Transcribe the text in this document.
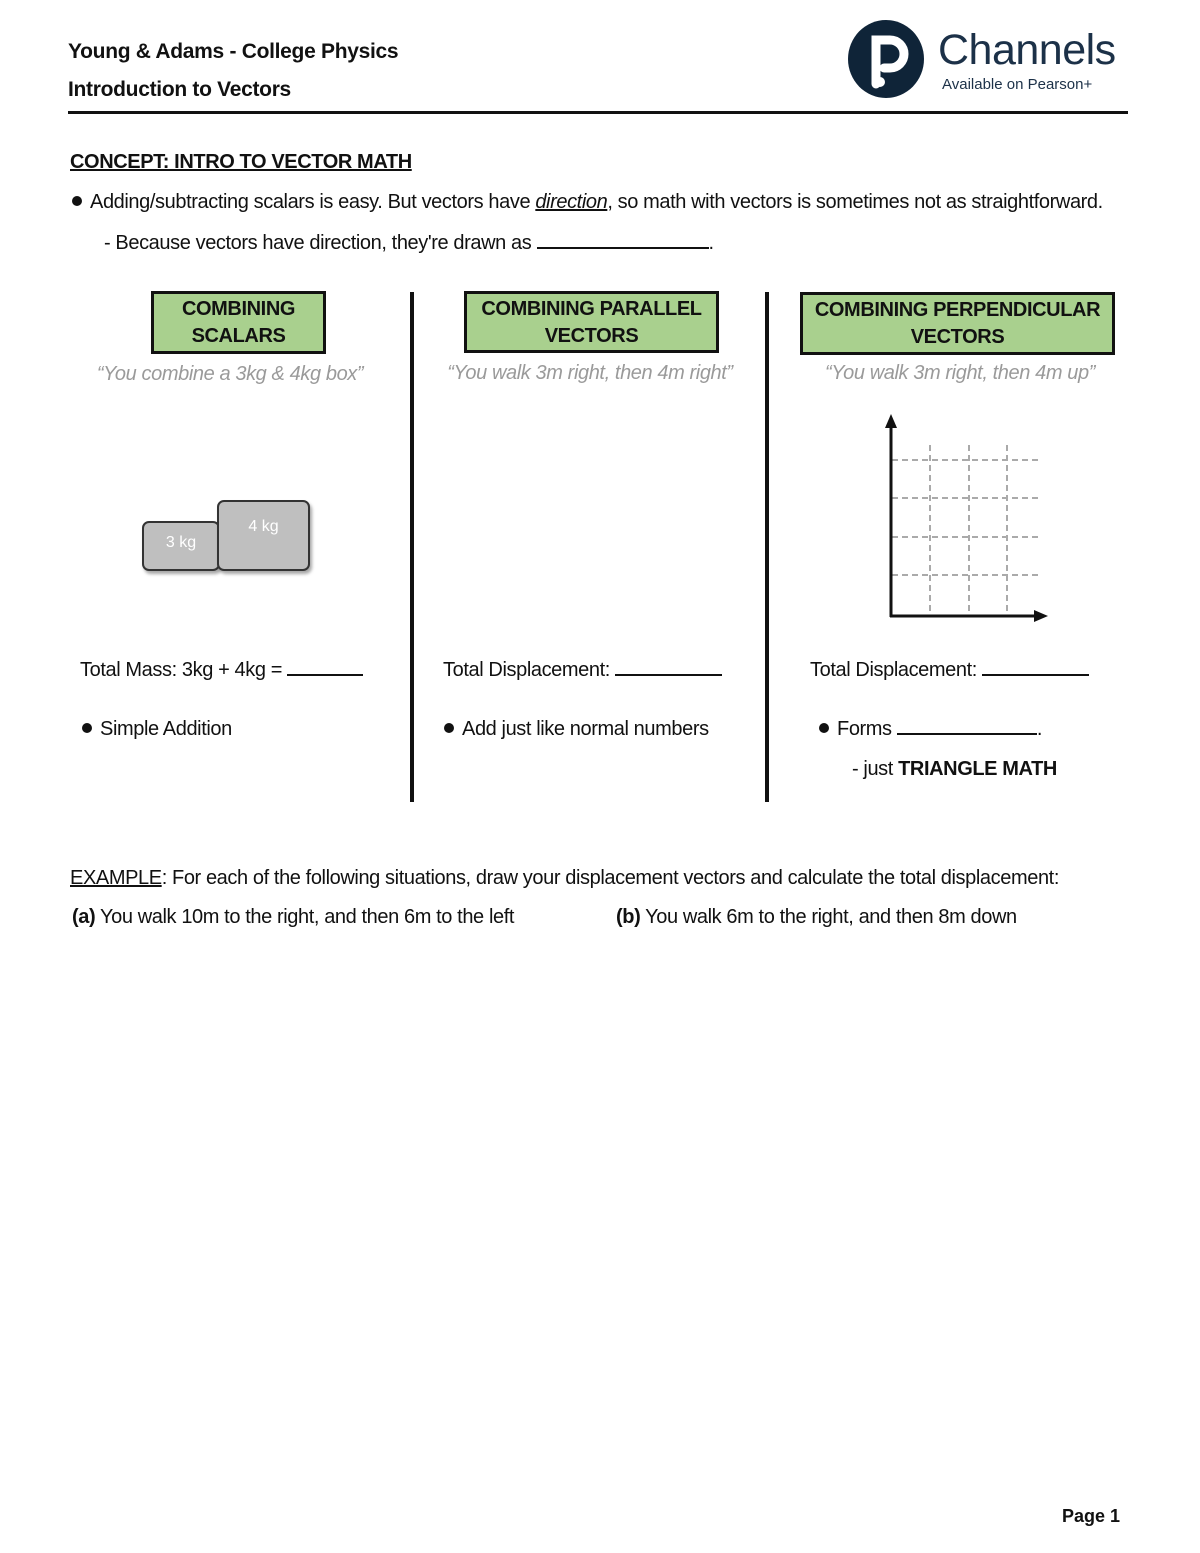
Young & Adams - College Physics
Introduction to Vectors
Channels
Available on Pearson+
CONCEPT: INTRO TO VECTOR MATH
Adding/subtracting scalars is easy. But vectors have direction, so math with vectors is sometimes not as straightforward.
- Because vectors have direction, they're drawn as	.
COMBINING
SCALARS
“You combine a 3kg & 4kg box”
3 kg
4 kg
Total Mass: 3kg + 4kg =
Simple Addition
COMBINING PARALLEL
VECTORS
“You walk 3m right, then 4m right”
Total Displacement:
Add just like normal numbers
COMBINING PERPENDICULAR
VECTORS
“You walk 3m right, then 4m up”
Total Displacement:
Forms	.
- just TRIANGLE MATH
EXAMPLE: For each of the following situations, draw your displacement vectors and calculate the total displacement:
(a) You walk 10m to the right, and then 6m to the left	(b) You walk 6m to the right, and then 8m down
Page 1
